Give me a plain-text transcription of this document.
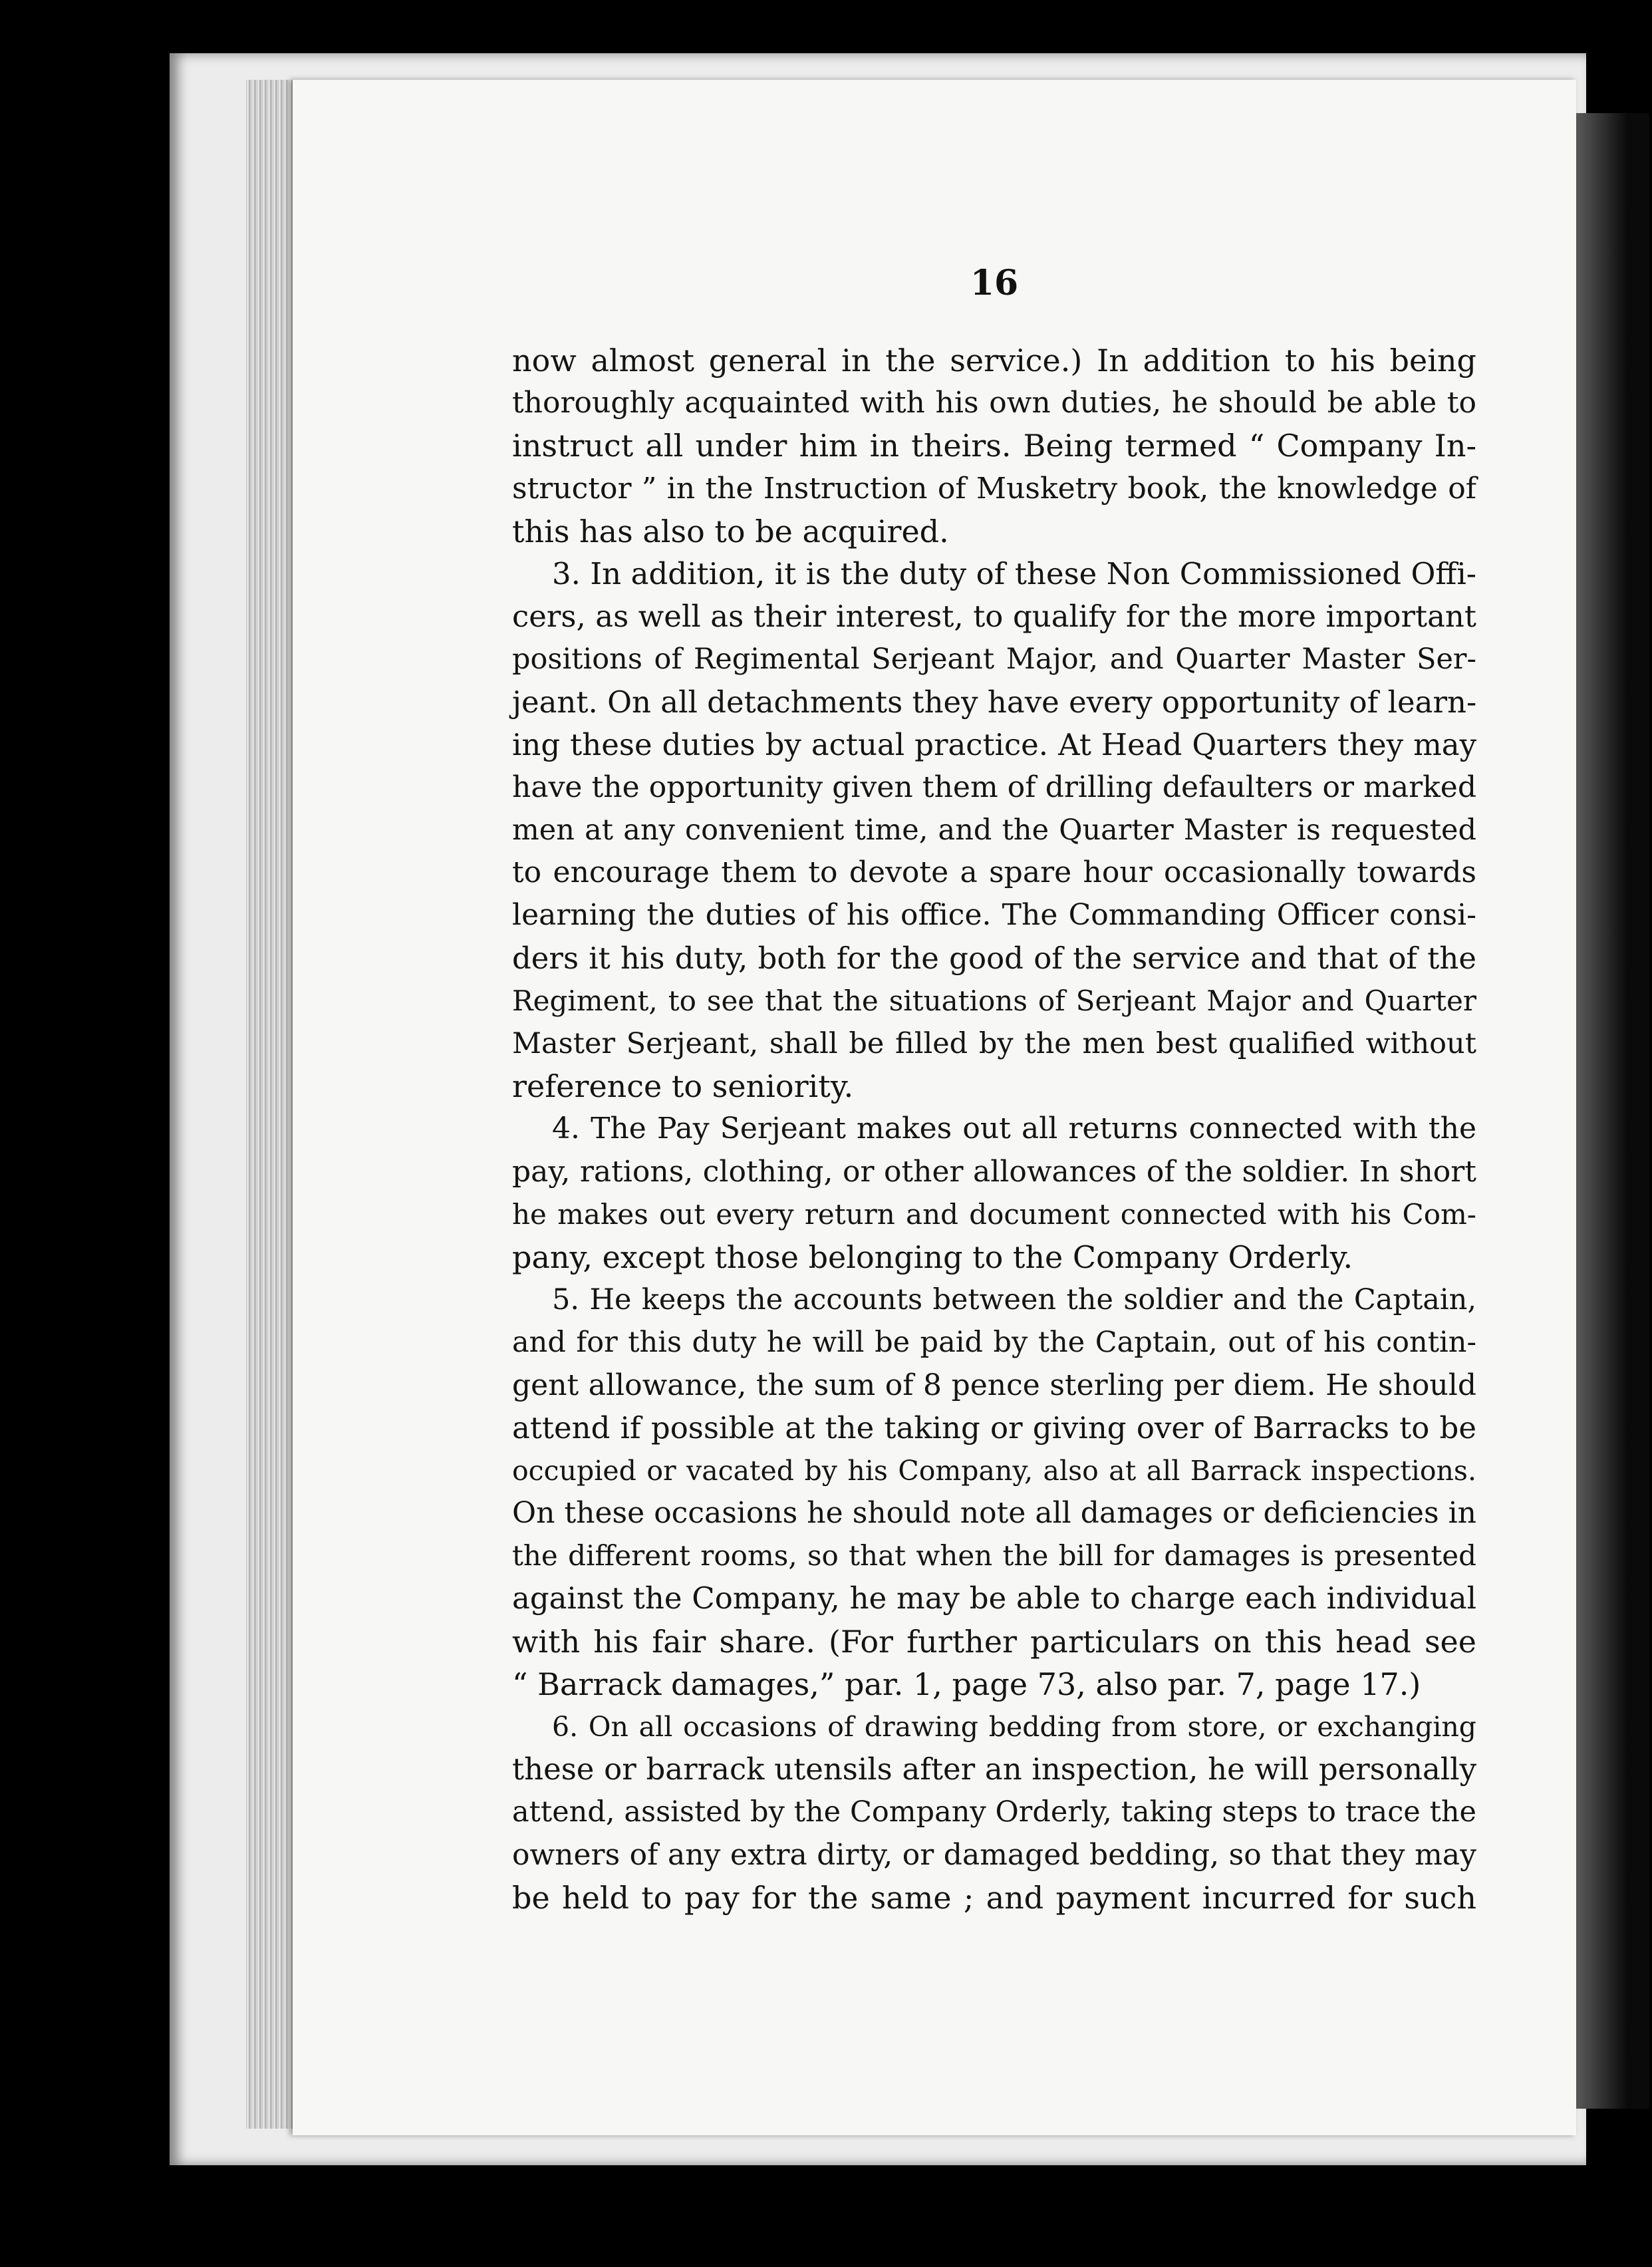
16
now almost general in the service.) In addition to his being
thoroughly acquainted with his own duties, he should be able to
instruct all under him in theirs. Being termed “ Company In-
structor ” in the Instruction of Musketry book, the knowledge of
this has also to be acquired.
3. In addition, it is the duty of these Non Commissioned Offi-
cers, as well as their interest, to qualify for the more important
positions of Regimental Serjeant Major, and Quarter Master Ser-
jeant. On all detachments they have every opportunity of learn-
ing these duties by actual practice. At Head Quarters they may
have the opportunity given them of drilling defaulters or marked
men at any convenient time, and the Quarter Master is requested
to encourage them to devote a spare hour occasionally towards
learning the duties of his office. The Commanding Officer consi-
ders it his duty, both for the good of the service and that of the
Regiment, to see that the situations of Serjeant Major and Quarter
Master Serjeant, shall be filled by the men best qualified without
reference to seniority.
4. The Pay Serjeant makes out all returns connected with the
pay, rations, clothing, or other allowances of the soldier. In short
he makes out every return and document connected with his Com-
pany, except those belonging to the Company Orderly.
5. He keeps the accounts between the soldier and the Captain,
and for this duty he will be paid by the Captain, out of his contin-
gent allowance, the sum of 8 pence sterling per diem. He should
attend if possible at the taking or giving over of Barracks to be
occupied or vacated by his Company, also at all Barrack inspections.
On these occasions he should note all damages or deficiencies in
the different rooms, so that when the bill for damages is presented
against the Company, he may be able to charge each individual
with his fair share. (For further particulars on this head see
“ Barrack damages,” par. 1, page 73, also par. 7, page 17.)
6. On all occasions of drawing bedding from store, or exchanging
these or barrack utensils after an inspection, he will personally
attend, assisted by the Company Orderly, taking steps to trace the
owners of any extra dirty, or damaged bedding, so that they may
be held to pay for the same ; and payment incurred for such
